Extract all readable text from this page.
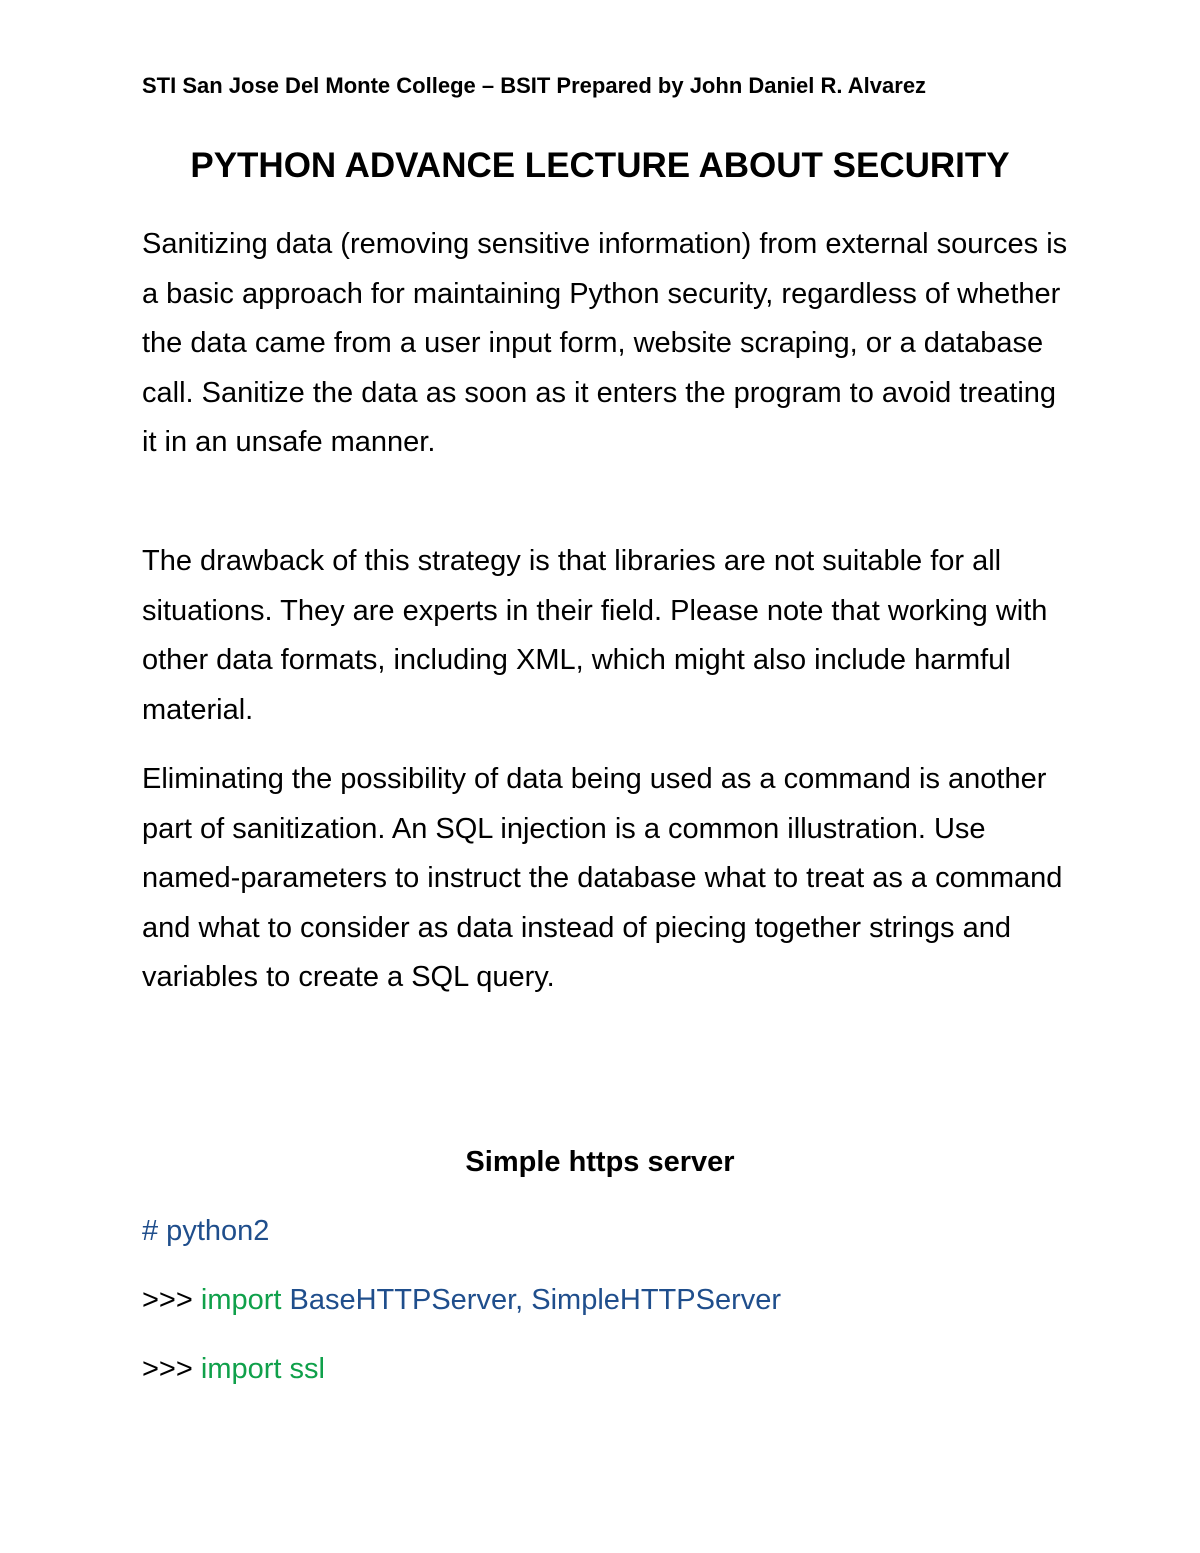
STI San Jose Del Monte College – BSIT Prepared by John Daniel R. Alvarez
PYTHON ADVANCE LECTURE ABOUT SECURITY
Sanitizing data (removing sensitive information) from external sources is a basic approach for maintaining Python security, regardless of whether the data came from a user input form, website scraping, or a database call. Sanitize the data as soon as it enters the program to avoid treating it in an unsafe manner.
The drawback of this strategy is that libraries are not suitable for all situations. They are experts in their field. Please note that working with other data formats, including XML, which might also include harmful material.
Eliminating the possibility of data being used as a command is another part of sanitization. An SQL injection is a common illustration. Use named-parameters to instruct the database what to treat as a command and what to consider as data instead of piecing together strings and variables to create a SQL query.
Simple https server
# python2
>>> import BaseHTTPServer, SimpleHTTPServer
>>> import ssl
